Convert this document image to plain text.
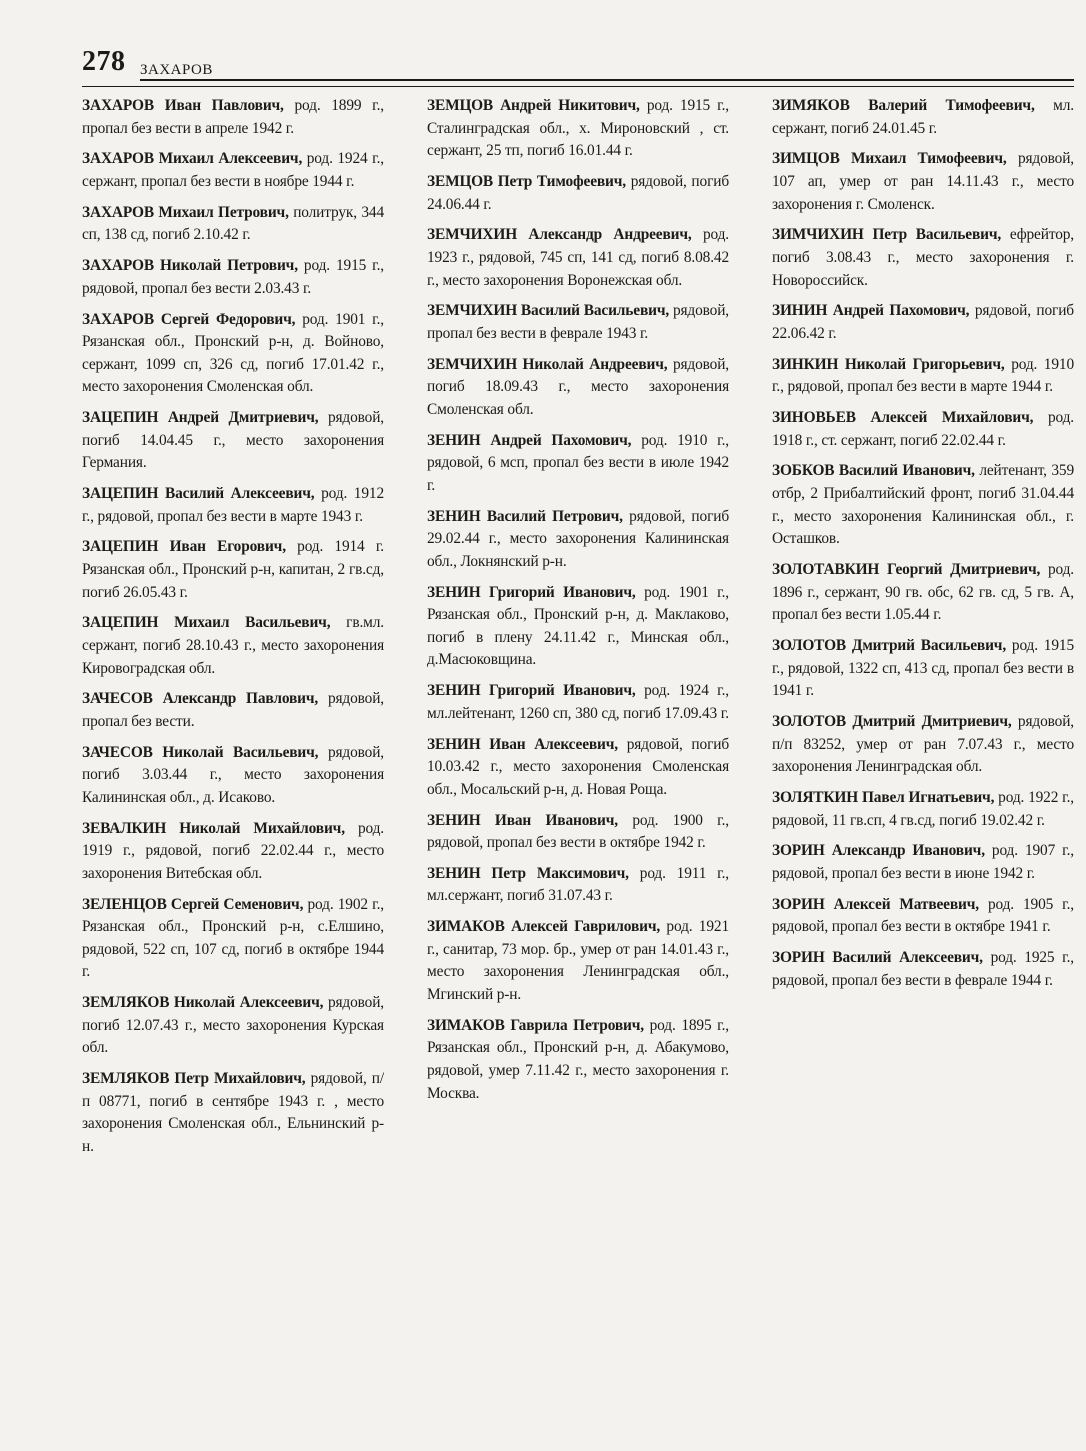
278 ЗАХАРОВ

ЗАХАРОВ Иван Павлович, род. 1899 г., пропал без вести в апреле 1942 г.

ЗАХАРОВ Михаил Алексеевич, род. 1924 г., сержант, пропал без вести в ноябре 1944 г.

ЗАХАРОВ Михаил Петрович, политрук, 344 сп, 138 сд, погиб 2.10.42 г.

ЗАХАРОВ Николай Петрович, род. 1915 г., рядовой, пропал без вести 2.03.43 г.

ЗАХАРОВ Сергей Федорович, род. 1901 г., Рязанская обл., Пронский р-н, д. Войново, сержант, 1099 сп, 326 сд, погиб 17.01.42 г., место захоронения Смоленская обл.

ЗАЦЕПИН Андрей Дмитриевич, рядовой, погиб 14.04.45 г., место захоронения Германия.

ЗАЦЕПИН Василий Алексеевич, род. 1912 г., рядовой, пропал без вести в марте 1943 г.

ЗАЦЕПИН Иван Егорович, род. 1914 г. Рязанская обл., Пронский р-н, капитан, 2 гв.сд, погиб 26.05.43 г.

ЗАЦЕПИН Михаил Васильевич, гв.мл. сержант, погиб 28.10.43 г., место захоронения Кировоградская обл.

ЗАЧЕСОВ Александр Павлович, рядовой, пропал без вести.

ЗАЧЕСОВ Николай Васильевич, рядовой, погиб 3.03.44 г., место захоронения Калининская обл., д. Исаково.

ЗЕВАЛКИН Николай Михайлович, род. 1919 г., рядовой, погиб 22.02.44 г., место захоронения Витебская обл.

ЗЕЛЕНЦОВ Сергей Семенович, род. 1902 г., Рязанская обл., Пронский р-н, с.Елшино, рядовой, 522 сп, 107 сд, погиб в октябре 1944 г.

ЗЕМЛЯКОВ Николай Алексеевич, рядовой, погиб 12.07.43 г., место захоронения Курская обл.

ЗЕМЛЯКОВ Петр Михайлович, рядовой, п/п 08771, погиб в сентябре 1943 г. , место захоронения Смоленская обл., Ельнинский р-н.

ЗЕМЦОВ Андрей Никитович, род. 1915 г., Сталинградская обл., х. Мироновский , ст. сержант, 25 тп, погиб 16.01.44 г.

ЗЕМЦОВ Петр Тимофеевич, рядовой, погиб 24.06.44 г.

ЗЕМЧИХИН Александр Андреевич, род. 1923 г., рядовой, 745 сп, 141 сд, погиб 8.08.42 г., место захоронения Воронежская обл.

ЗЕМЧИХИН Василий Васильевич, рядовой, пропал без вести в феврале 1943 г.

ЗЕМЧИХИН Николай Андреевич, рядовой, погиб 18.09.43 г., место захоронения Смоленская обл.

ЗЕНИН Андрей Пахомович, род. 1910 г., рядовой, 6 мсп, пропал без вести в июле 1942 г.

ЗЕНИН Василий Петрович, рядовой, погиб 29.02.44 г., место захоронения Калининская обл., Локнянский р-н.

ЗЕНИН Григорий Иванович, род. 1901 г., Рязанская обл., Пронский р-н, д. Маклаково, погиб в плену 24.11.42 г., Минская обл., д.Масюковщина.

ЗЕНИН Григорий Иванович, род. 1924 г., мл.лейтенант, 1260 сп, 380 сд, погиб 17.09.43 г.

ЗЕНИН Иван Алексеевич, рядовой, погиб 10.03.42 г., место захоронения Смоленская обл., Мосальский р-н, д. Новая Роща.

ЗЕНИН Иван Иванович, род. 1900 г., рядовой, пропал без вести в октябре 1942 г.

ЗЕНИН Петр Максимович, род. 1911 г., мл.сержант, погиб 31.07.43 г.

ЗИМАКОВ Алексей Гаврилович, род. 1921 г., санитар, 73 мор. бр., умер от ран 14.01.43 г., место захоронения Ленинградская обл., Мгинский р-н.

ЗИМАКОВ Гаврила Петрович, род. 1895 г., Рязанская обл., Пронский р-н, д. Абакумово, рядовой, умер 7.11.42 г., место захоронения г. Москва.

ЗИМЯКОВ Валерий Тимофеевич, мл. сержант, погиб 24.01.45 г.

ЗИМЦОВ Михаил Тимофеевич, рядовой, 107 ап, умер от ран 14.11.43 г., место захоронения г. Смоленск.

ЗИМЧИХИН Петр Васильевич, ефрейтор, погиб 3.08.43 г., место захоронения г. Новороссийск.

ЗИНИН Андрей Пахомович, рядовой, погиб 22.06.42 г.

ЗИНКИН Николай Григорьевич, род. 1910 г., рядовой, пропал без вести в марте 1944 г.

ЗИНОВЬЕВ Алексей Михайлович, род. 1918 г., ст. сержант, погиб 22.02.44 г.

ЗОБКОВ Василий Иванович, лейтенант, 359 отбр, 2 Прибалтийский фронт, погиб 31.04.44 г., место захоронения Калининская обл., г. Осташков.

ЗОЛОТАВКИН Георгий Дмитриевич, род. 1896 г., сержант, 90 гв. обс, 62 гв. сд, 5 гв. А, пропал без вести 1.05.44 г.

ЗОЛОТОВ Дмитрий Васильевич, род. 1915 г., рядовой, 1322 сп, 413 сд, пропал без вести в 1941 г.

ЗОЛОТОВ Дмитрий Дмитриевич, рядовой, п/п 83252, умер от ран 7.07.43 г., место захоронения Ленинградская обл.

ЗОЛЯТКИН Павел Игнатьевич, род. 1922 г., рядовой, 11 гв.сп, 4 гв.сд, погиб 19.02.42 г.

ЗОРИН Александр Иванович, род. 1907 г., рядовой, пропал без вести в июне 1942 г.

ЗОРИН Алексей Матвеевич, род. 1905 г., рядовой, пропал без вести в октябре 1941 г.

ЗОРИН Василий Алексеевич, род. 1925 г., рядовой, пропал без вести в феврале 1944 г.
